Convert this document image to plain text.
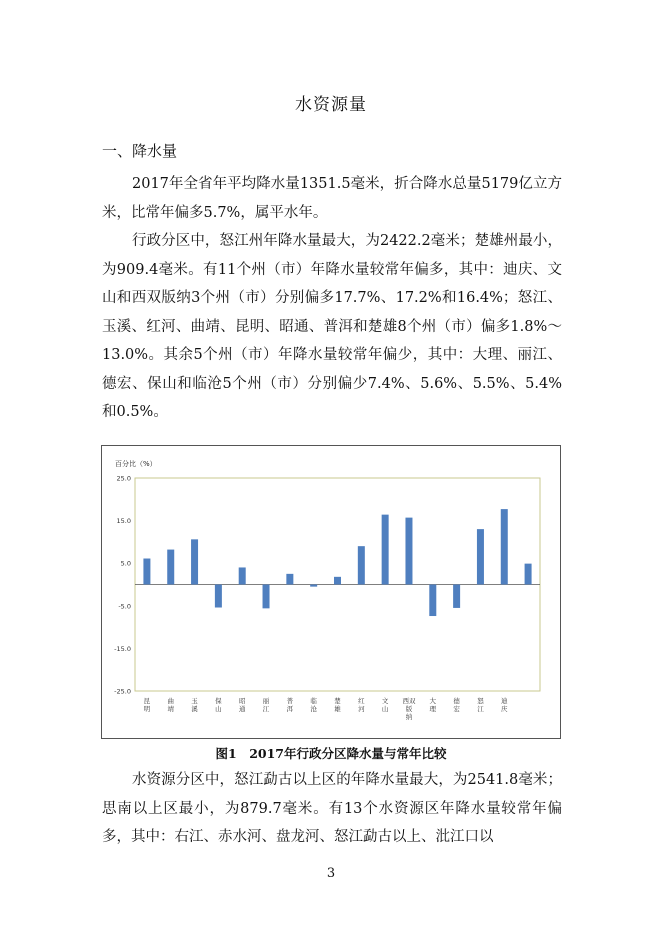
水资源量
一、降水量

2017年全省年平均降水量1351.5毫米，折合降水总量5179亿立方米，比常年偏多5.7%，属平水年。

行政分区中，怒江州年降水量最大，为2422.2毫米；楚雄州最小，为909.4毫米。有11个州（市）年降水量较常年偏多，其中：迪庆、文山和西双版纳3个州（市）分别偏多17.7%、17.2%和16.4%；怒江、玉溪、红河、曲靖、昆明、昭通、普洱和楚雄8个州（市）偏多1.8%～13.0%。其余5个州（市）年降水量较常年偏少，其中：大理、丽江、德宏、保山和临沧5个州（市）分别偏少7.4%、5.6%、5.5%、5.4%和0.5%。

百分比（%）
25.0
15.0
5.0
-5.0
-15.0
-25.0
昆明
曲靖
玉溪
保山
昭通
丽江
普洱
临沧
楚雄
红河
文山
西双版纳
大理
德宏
怒江
迪庆
图1　2017年行政分区降水量与常年比较

水资源分区中，怒江勐古以上区的年降水量最大，为2541.8毫米；思南以上区最小，为879.7毫米。有13个水资源区年降水量较常年偏多，其中：右江、赤水河、盘龙河、怒江勐古以上、沘江口以

3
